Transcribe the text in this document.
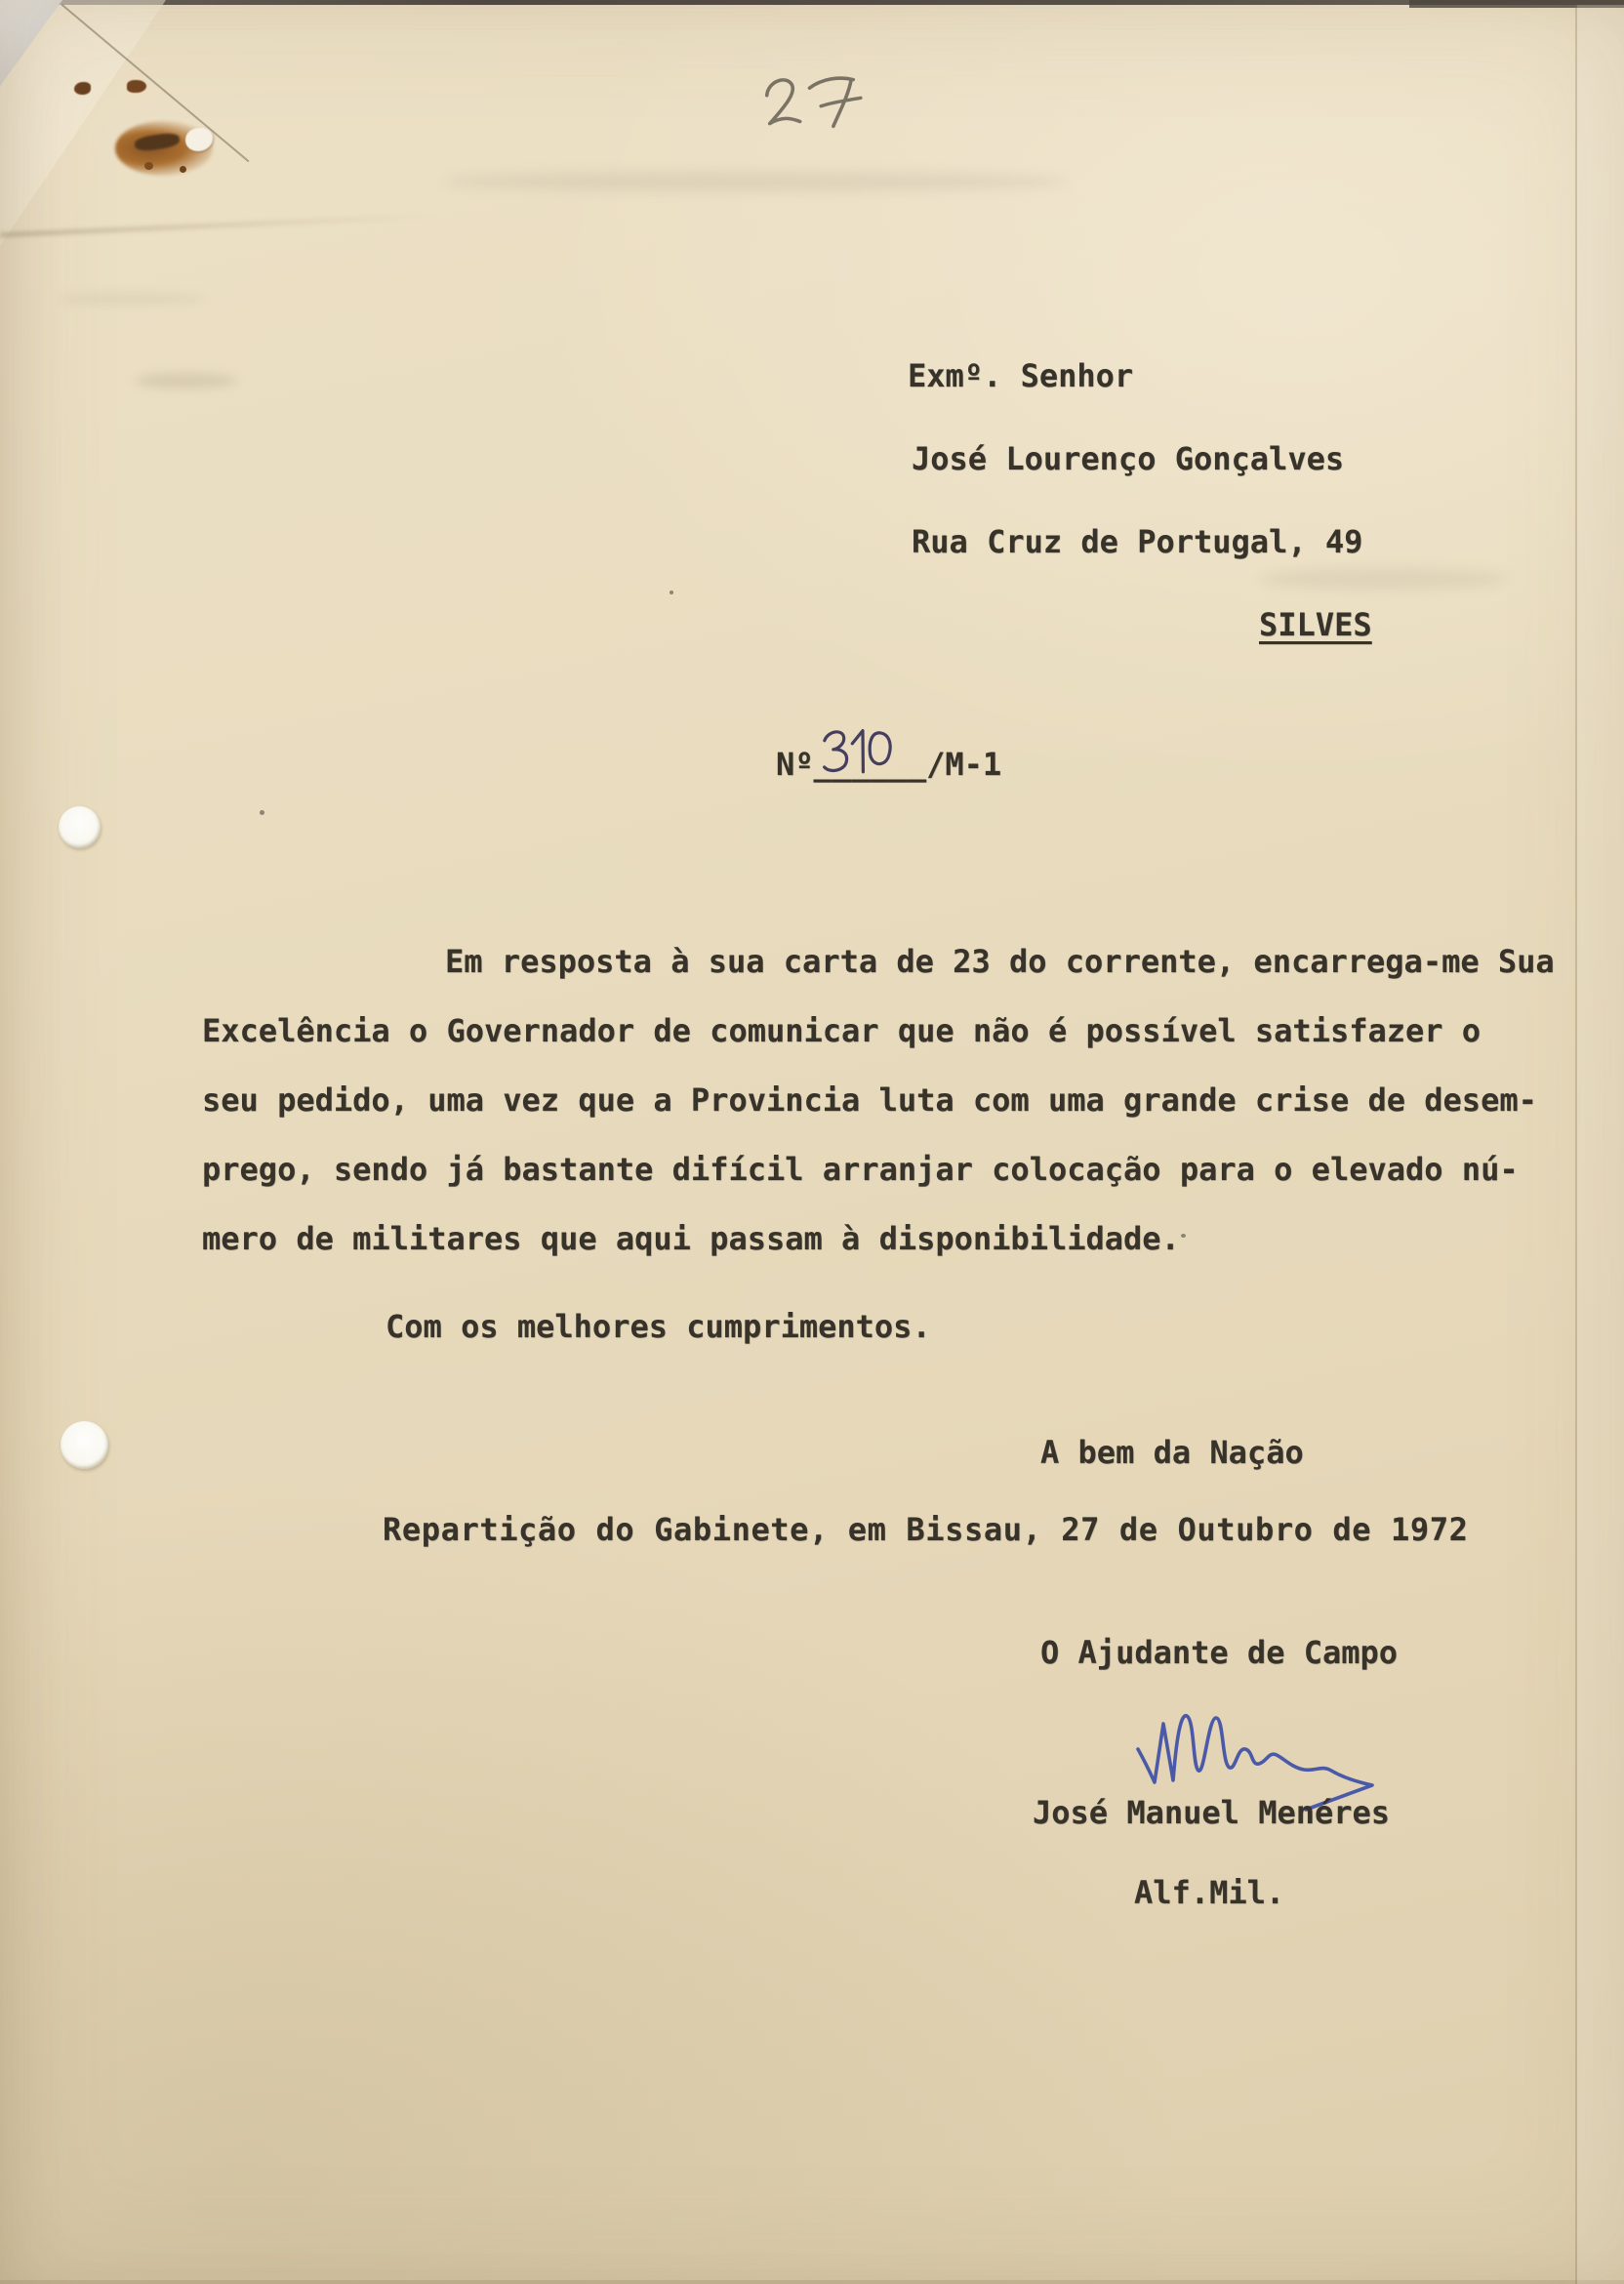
Exmº. Senhor
José Lourenço Gonçalves
Rua Cruz de Portugal, 49
SILVES
Nº______/M-1
Em resposta à sua carta de 23 do corrente, encarrega-me Sua
Excelência o Governador de comunicar que não é possível satisfazer o
seu pedido, uma vez que a Provincia luta com uma grande crise de desem-
prego, sendo já bastante difícil arranjar colocação para o elevado nú-
mero de militares que aqui passam à disponibilidade.
Com os melhores cumprimentos.
A bem da Nação
Repartição do Gabinete, em Bissau, 27 de Outubro de 1972
O Ajudante de Campo
José Manuel Menéres
Alf.Mil.
